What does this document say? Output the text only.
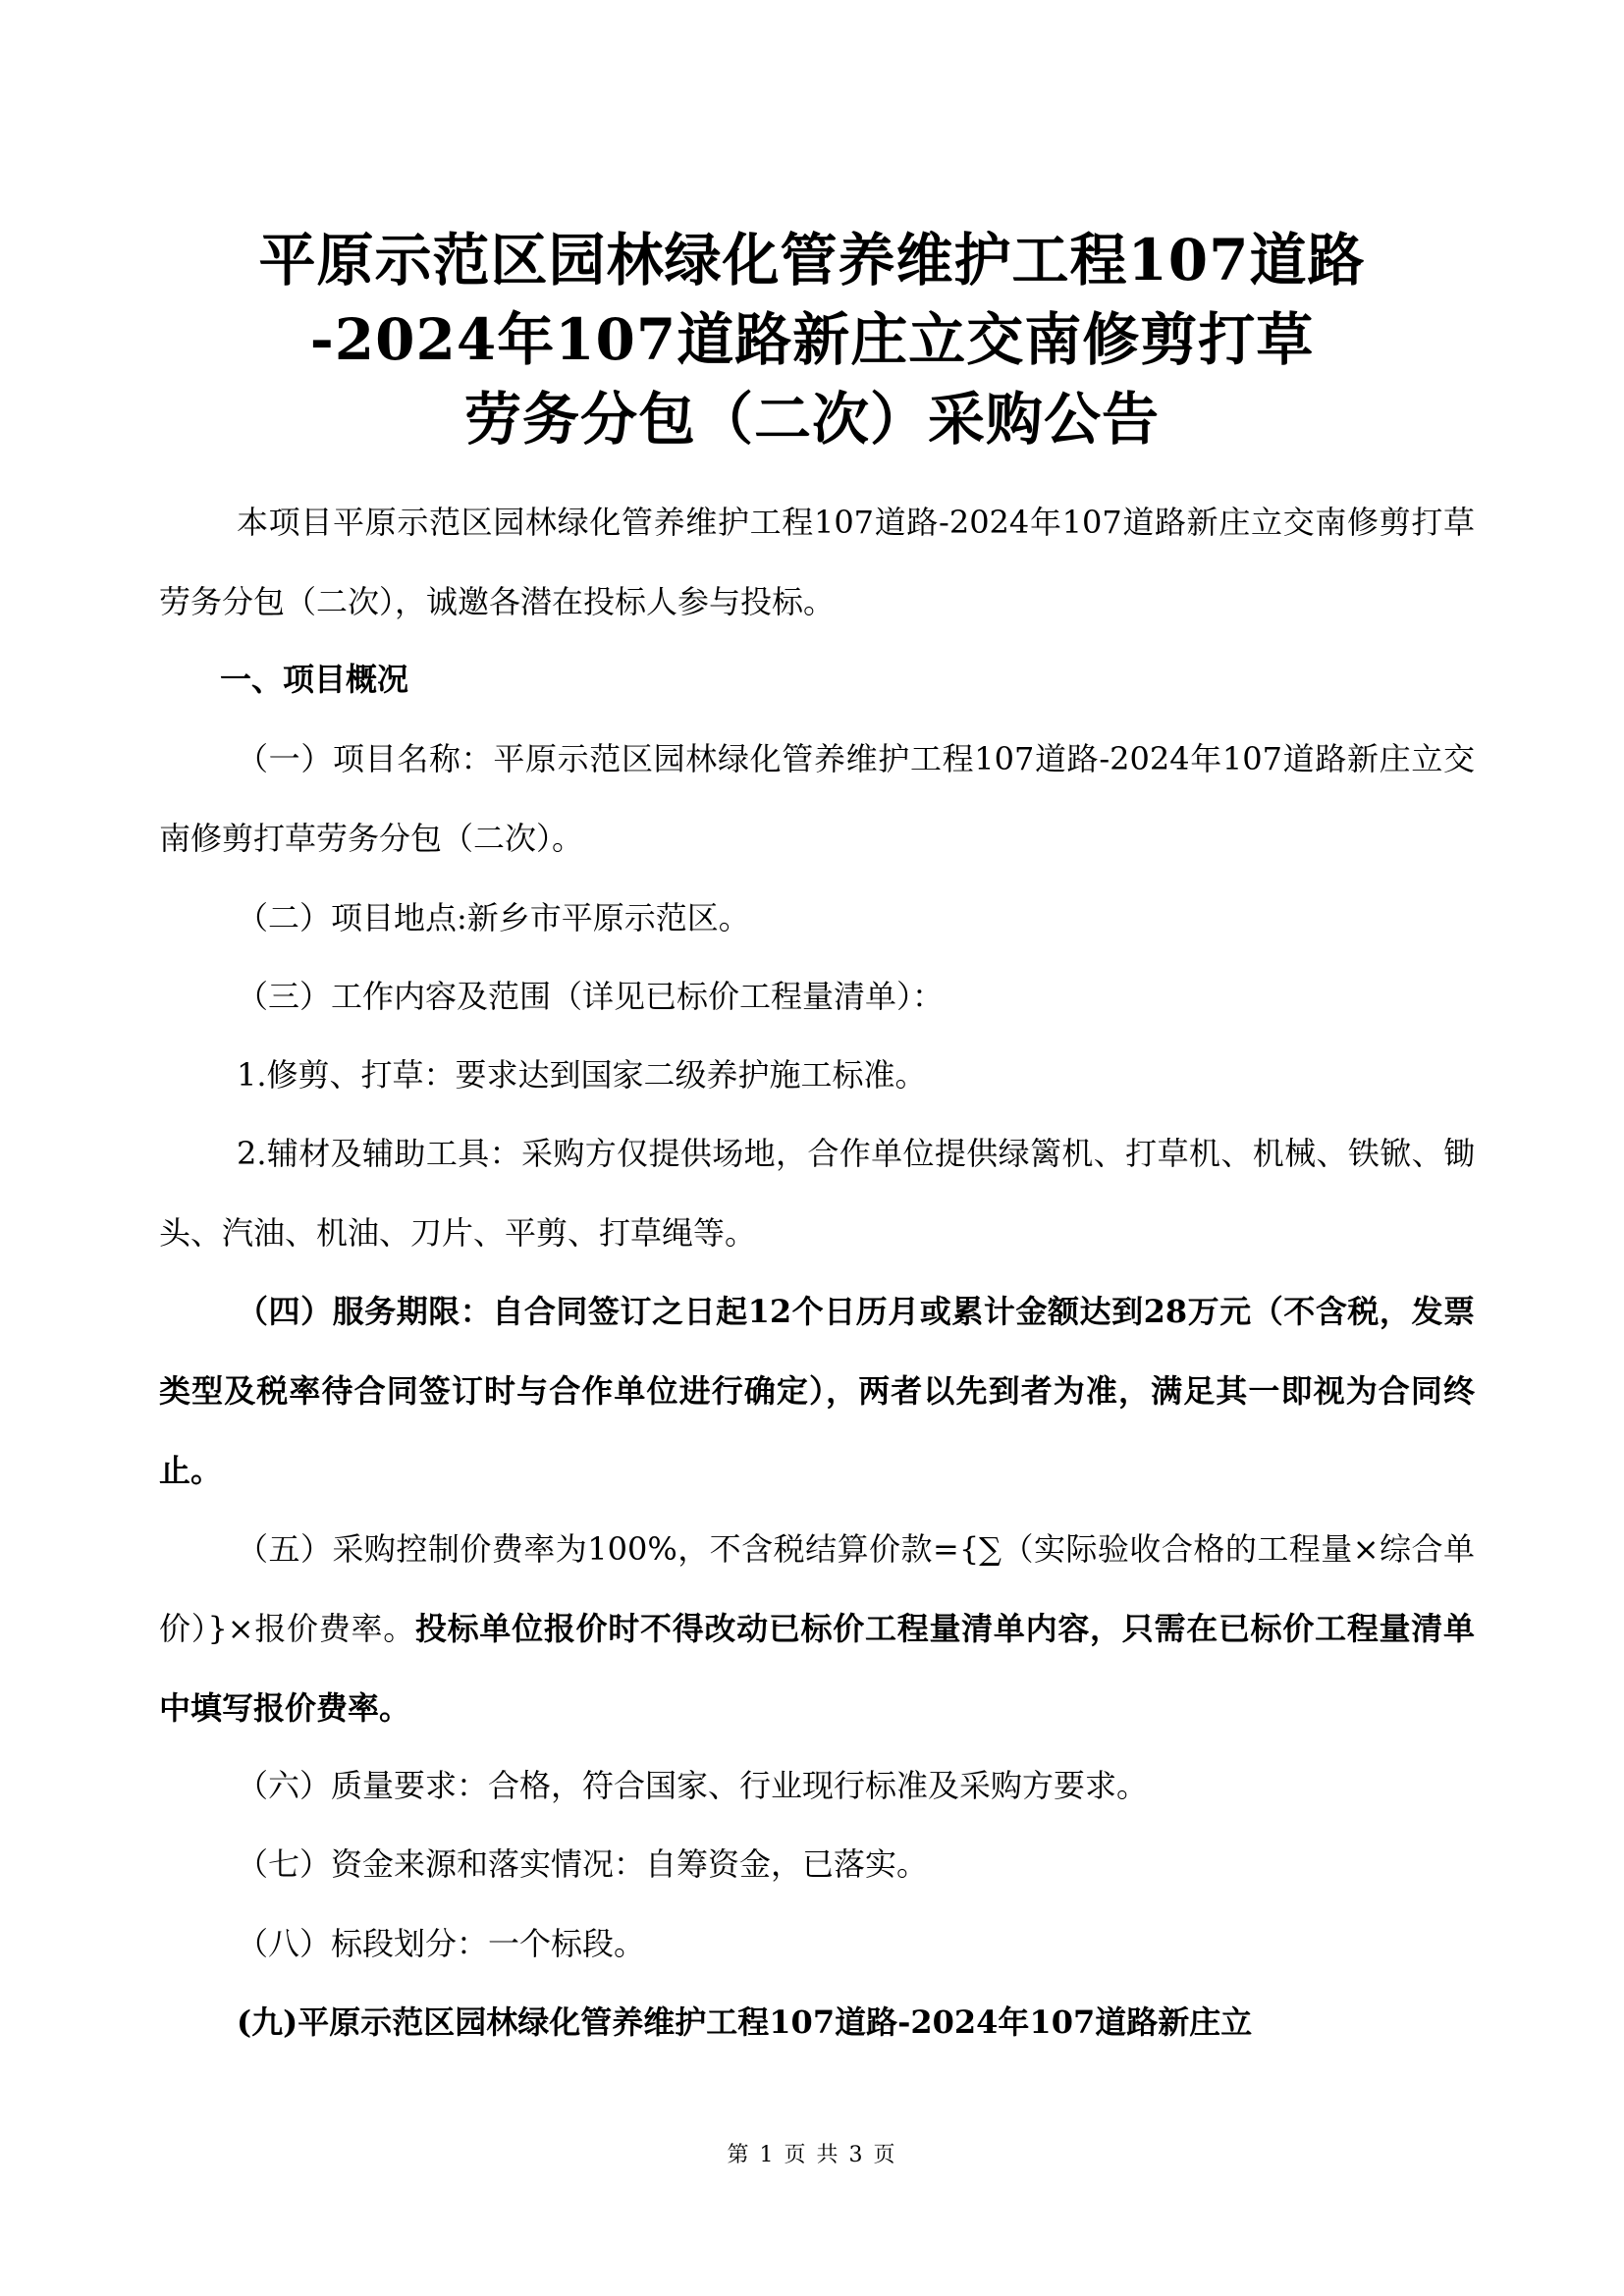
平原示范区园林绿化管养维护工程107道路
-2024年107道路新庄立交南修剪打草
劳务分包（二次）采购公告
本项目平原示范区园林绿化管养维护工程107道路-2024年107道路新庄立交南修剪打草劳务分包（二次），诚邀各潜在投标人参与投标。
一、项目概况
（一）项目名称：平原示范区园林绿化管养维护工程107道路-2024年107道路新庄立交南修剪打草劳务分包（二次）。
（二）项目地点:新乡市平原示范区。
（三）工作内容及范围（详见已标价工程量清单）：
1.修剪、打草：要求达到国家二级养护施工标准。
2.辅材及辅助工具：采购方仅提供场地，合作单位提供绿篱机、打草机、机械、铁锨、锄头、汽油、机油、刀片、平剪、打草绳等。
（四）服务期限：自合同签订之日起12个日历月或累计金额达到28万元（不含税，发票类型及税率待合同签订时与合作单位进行确定），两者以先到者为准，满足其一即视为合同终止。
（五）采购控制价费率为100%，不含税结算价款={∑（实际验收合格的工程量×综合单价）}×报价费率。投标单位报价时不得改动已标价工程量清单内容，只需在已标价工程量清单中填写报价费率。
（六）质量要求：合格，符合国家、行业现行标准及采购方要求。
（七）资金来源和落实情况：自筹资金，已落实。
（八）标段划分：一个标段。
(九)平原示范区园林绿化管养维护工程107道路-2024年107道路新庄立
第 1 页 共 3 页
